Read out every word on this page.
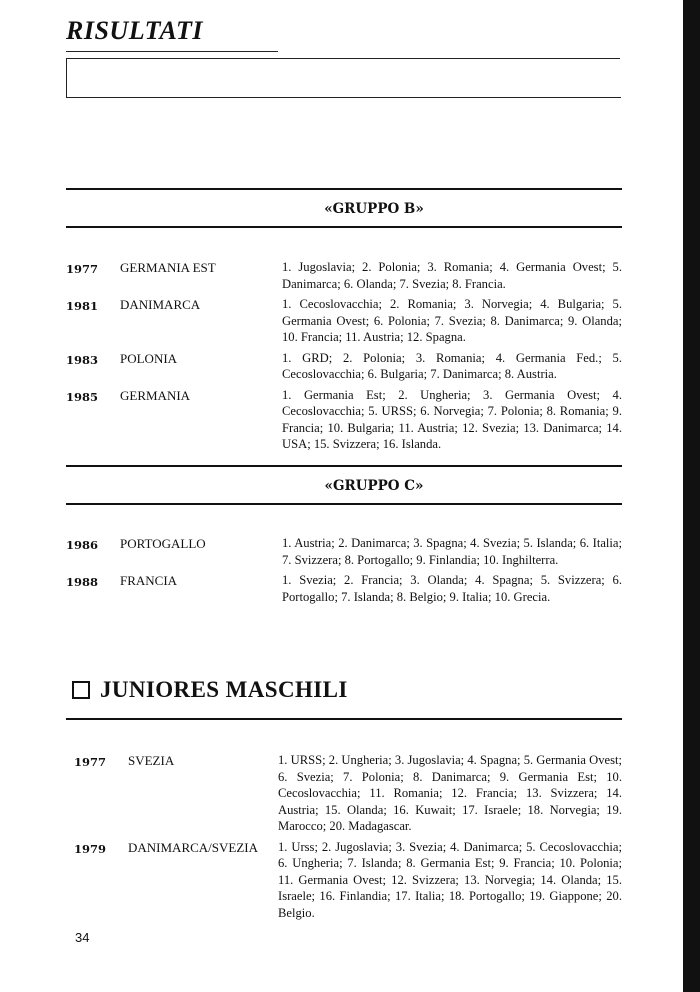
RISULTATI
«GRUPPO B»
1977	GERMANIA EST	1. Jugoslavia; 2. Polonia; 3. Romania; 4. Germania Ovest; 5. Danimarca; 6. Olanda; 7. Svezia; 8. Francia.
1981	DANIMARCA	1. Cecoslovacchia; 2. Romania; 3. Norvegia; 4. Bulgaria; 5. Germania Ovest; 6. Polonia; 7. Svezia; 8. Danimarca; 9. Olanda; 10. Francia; 11. Austria; 12. Spagna.
1983	POLONIA	1. GRD; 2. Polonia; 3. Romania; 4. Germania Fed.; 5. Cecoslovacchia; 6. Bulgaria; 7. Danimarca; 8. Austria.
1985	GERMANIA	1. Germania Est; 2. Ungheria; 3. Germania Ovest; 4. Cecoslovacchia; 5. URSS; 6. Norvegia; 7. Polonia; 8. Romania; 9. Francia; 10. Bulgaria; 11. Austria; 12. Svezia; 13. Danimarca; 14. USA; 15. Svizzera; 16. Islanda.
«GRUPPO C»
1986	PORTOGALLO	1. Austria; 2. Danimarca; 3. Spagna; 4. Svezia; 5. Islanda; 6. Italia; 7. Svizzera; 8. Portogallo; 9. Finlandia; 10. Inghilterra.
1988	FRANCIA	1. Svezia; 2. Francia; 3. Olanda; 4. Spagna; 5. Svizzera; 6. Portogallo; 7. Islanda; 8. Belgio; 9. Italia; 10. Grecia.
JUNIORES MASCHILI
1977	SVEZIA	1. URSS; 2. Ungheria; 3. Jugoslavia; 4. Spagna; 5. Germania Ovest; 6. Svezia; 7. Polonia; 8. Danimarca; 9. Germania Est; 10. Cecoslovacchia; 11. Romania; 12. Francia; 13. Svizzera; 14. Austria; 15. Olanda; 16. Kuwait; 17. Israele; 18. Norvegia; 19. Marocco; 20. Madagascar.
1979	DANIMARCA/SVEZIA	1. Urss; 2. Jugoslavia; 3. Svezia; 4. Danimarca; 5. Cecoslovacchia; 6. Ungheria; 7. Islanda; 8. Germania Est; 9. Francia; 10. Polonia; 11. Germania Ovest; 12. Svizzera; 13. Norvegia; 14. Olanda; 15. Israele; 16. Finlandia; 17. Italia; 18. Portogallo; 19. Giappone; 20. Belgio.
34
